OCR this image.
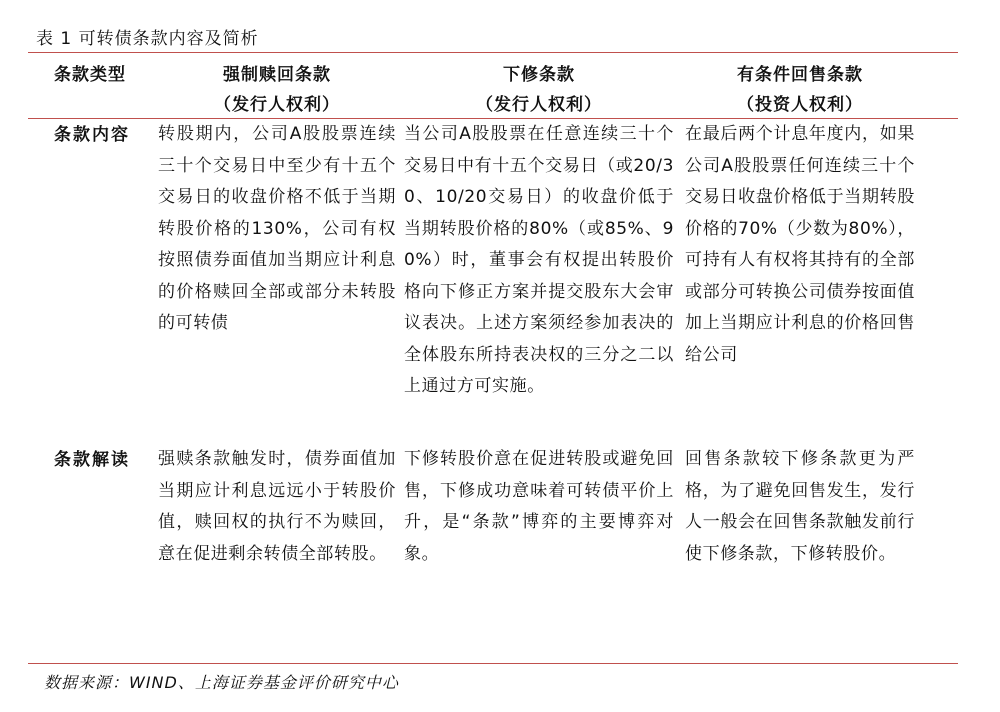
表 1 可转债条款内容及简析
条款类型	强制赎回条款
（发行人权利）
下修条款
（发行人权利）
有条件回售条款
（投资人权利）
条款内容 转股期内，公司A股股票连续三十个交易日中至少有十五个交易日的收盘价格不低于当期转股价格的130%，公司有权按照债券面值加当期应计利息的价格赎回全部或部分未转股的可转债
当公司A股股票在任意连续三十个交易日中有十五个交易日（或20/30、10/20交易日）的收盘价低于当期转股价格的80%（或85%、90%）时，董事会有权提出转股价格向下修正方案并提交股东大会审议表决。上述方案须经参加表决的全体股东所持表决权的三分之二以上通过方可实施。
在最后两个计息年度内，如果公司A股股票任何连续三十个交易日收盘价格低于当期转股价格的70%（少数为80%），可持有人有权将其持有的全部或部分可转换公司债券按面值加上当期应计利息的价格回售给公司
条款解读 强赎条款触发时，债券面值加当期应计利息远远小于转股价值，赎回权的执行不为赎回，意在促进剩余转债全部转股。
下修转股价意在促进转股或避免回售，下修成功意味着可转债平价上升，是“条款”博弈的主要博弈对象。
回售条款较下修条款更为严格，为了避免回售发生，发行人一般会在回售条款触发前行使下修条款，下修转股价。
数据来源：WIND、上海证券基金评价研究中心
